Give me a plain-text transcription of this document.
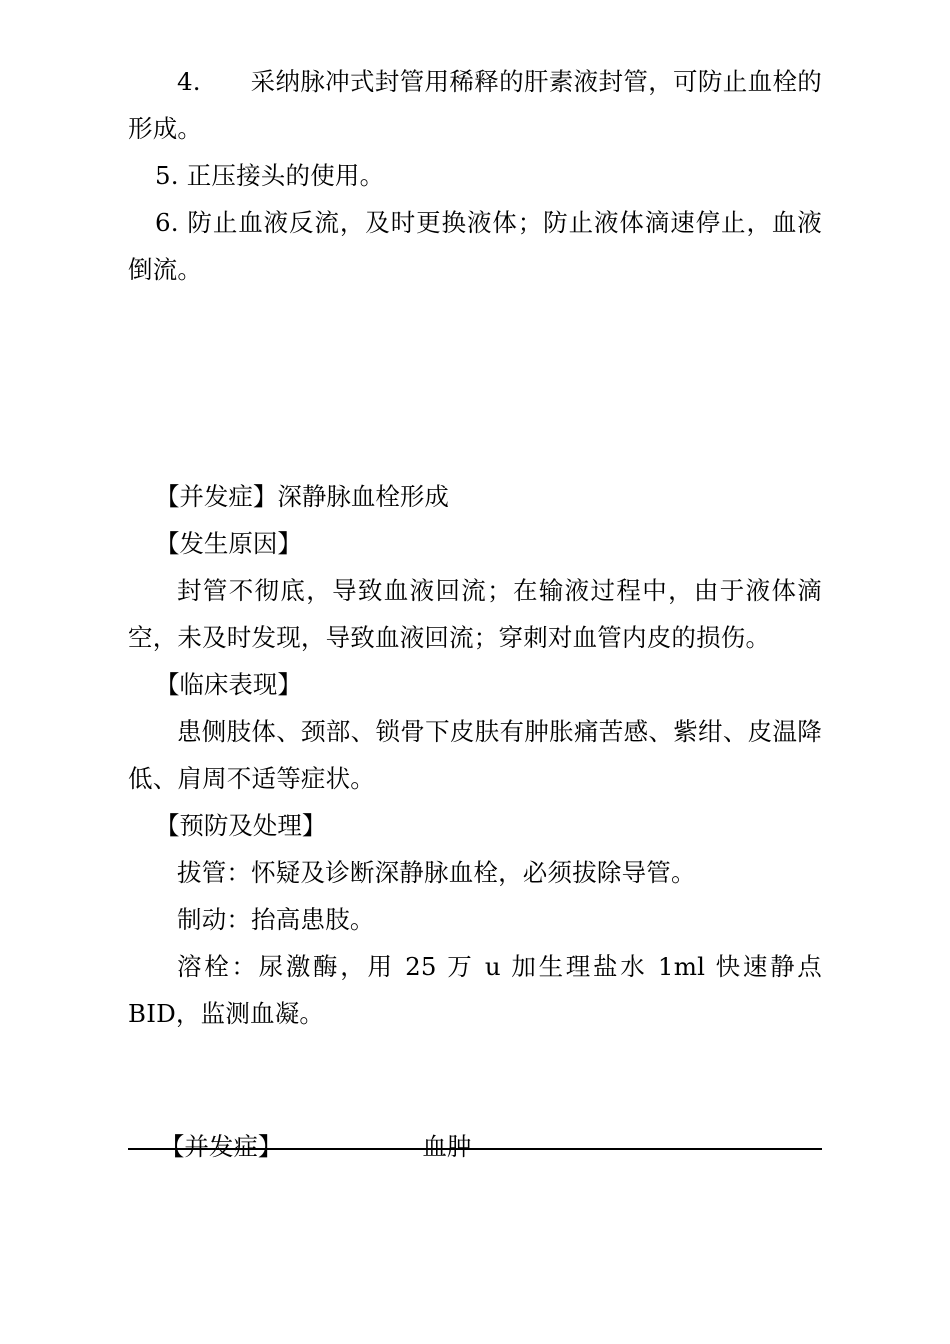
4.　　采纳脉冲式封管用稀释的肝素液封管，可防止血栓的形成。

5. 正压接头的使用。

6. 防止血液反流，及时更换液体；防止液体滴速停止，血液倒流。

【并发症】深静脉血栓形成

【发生原因】

封管不彻底，导致血液回流；在输液过程中，由于液体滴空，未及时发现，导致血液回流；穿刺对血管内皮的损伤。

【临床表现】

患侧肢体、颈部、锁骨下皮肤有肿胀痛苦感、紫绀、皮温降低、肩周不适等症状。

【预防及处理】

拔管：怀疑及诊断深静脉血栓，必须拔除导管。

制动：抬高患肢。

溶栓：尿激酶，用 25 万 u 加生理盐水 1ml 快速静点 BID，监测血凝。

【并发症】	血肿
